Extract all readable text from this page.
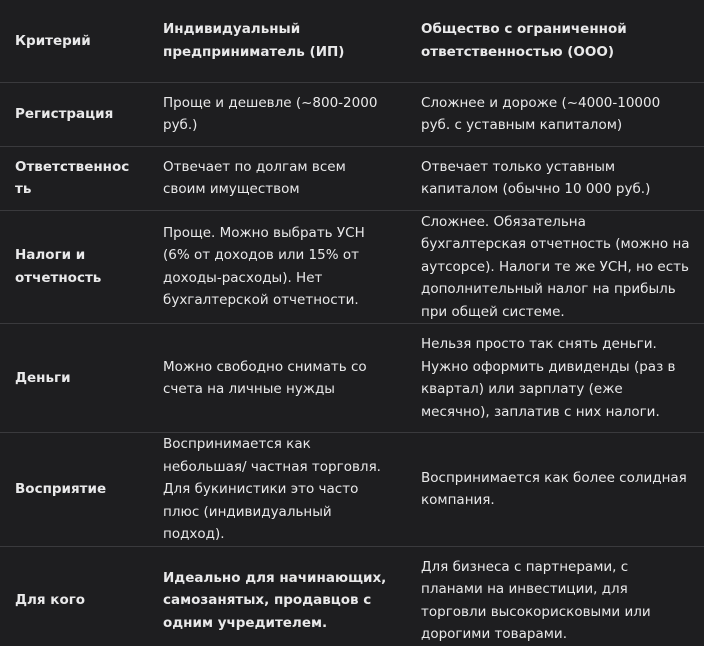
Критерий	Индивидуальный предприниматель (ИП)	Общество с ограниченной ответственностью (ООО)
Регистрация	Проще и дешевле (~800-2000 руб.)	Сложнее и дороже (~4000-10000 руб. с уставным капиталом)
Ответственность	Отвечает по долгам всем своим имуществом	Отвечает только уставным капиталом (обычно 10 000 руб.)
Налоги и отчетность	Проще. Можно выбрать УСН (6% от доходов или 15% от доходы-расходы). Нет бухгалтерской отчетности.	Сложнее. Обязательна бухгалтерская отчетность (можно на аутсорсе). Налоги те же УСН, но есть дополнительный налог на прибыль при общей системе.
Деньги	Можно свободно снимать со счета на личные нужды	Нельзя просто так снять деньги. Нужно оформить дивиденды (раз в квартал) или зарплату (еже месячно), заплатив с них налоги.
Восприятие	Воспринимается как небольшая/ частная торговля. Для букинистики это часто плюс (индивидуальный подход).	Воспринимается как более солидная компания.
Для кого	Идеально для начинающих, самозанятых, продавцов с одним учредителем.	Для бизнеса с партнерами, с планами на инвестиции, для торговли высокорисковыми или дорогими товарами.
